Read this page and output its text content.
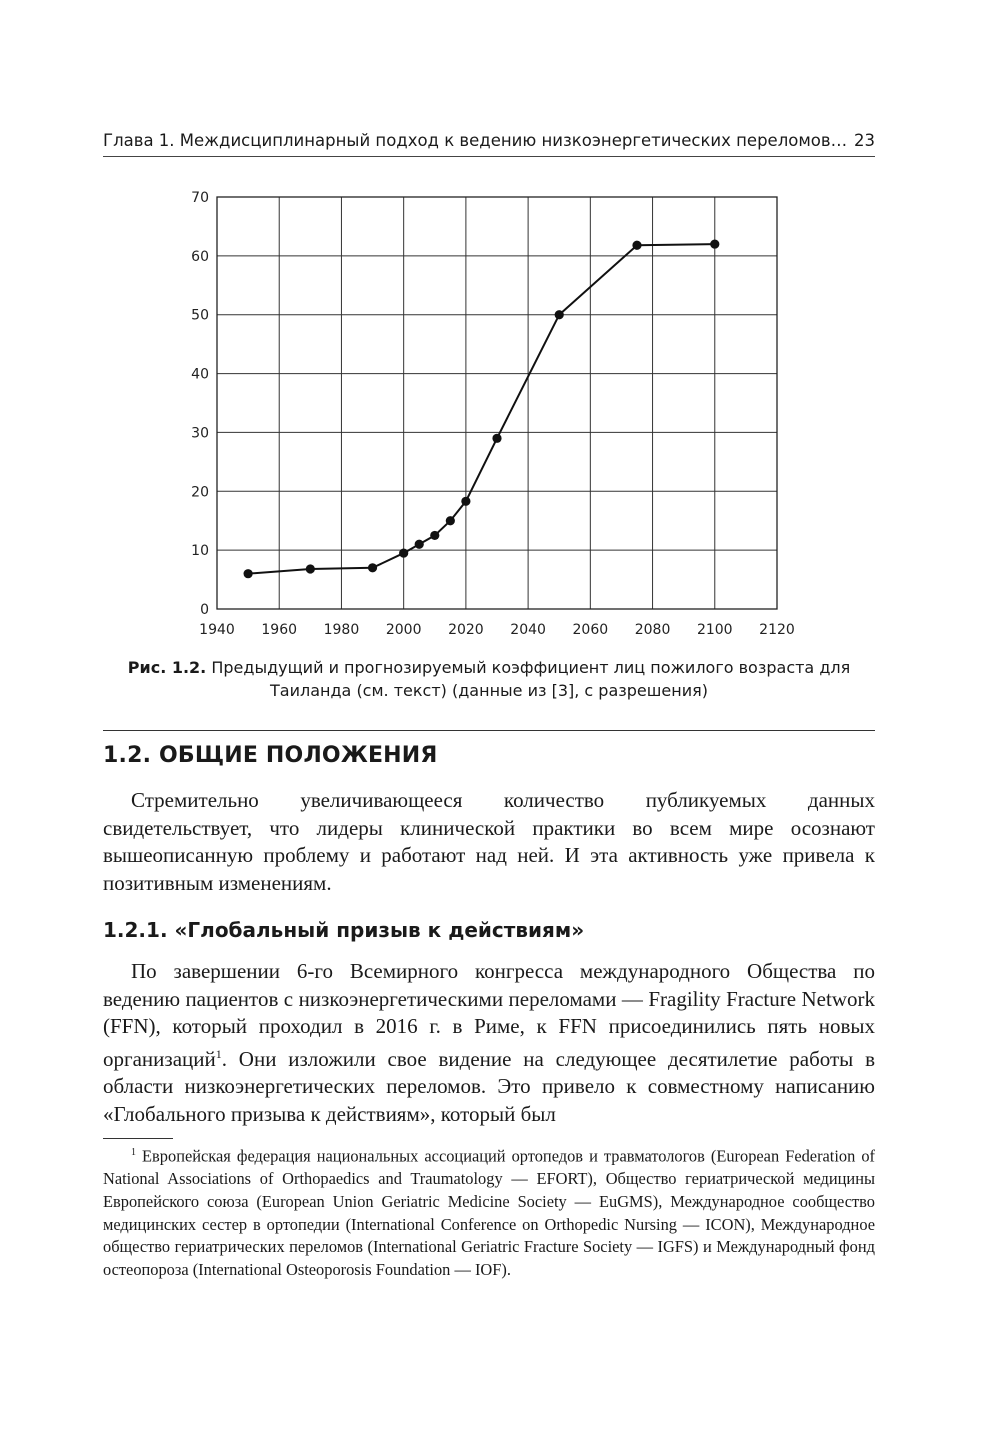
Глава 1. Междисциплинарный подход к ведению низкоэнергетических переломов… 23
1940 1960 1980 2000 2020 2040 2060 2080 2100 2120
0
10
20
30
40
50
60
70
Рис. 1.2. Предыдущий и прогнозируемый коэффициент лиц пожилого возраста для Таиланда (см. текст) (данные из [3], с разрешения)
1.2. ОБЩИЕ ПОЛОЖЕНИЯ

Стремительно увеличивающееся количество публикуемых данных свидетельствует, что лидеры клинической практики во всем мире осознают вышеописанную проблему и работают над ней. И эта активность уже привела к позитивным изменениям.

1.2.1. «Глобальный призыв к действиям»

По завершении 6-го Всемирного конгресса международного Общества по ведению пациентов с низкоэнергетическими переломами — Fragility Fracture Network (FFN), который проходил в 2016 г. в Риме, к FFN присоединились пять новых организаций$^1$. Они изложили свое видение на следующее десятилетие работы в области низкоэнергетических переломов. Это привело к совместному написанию «Глобального призыва к действиям», который был

$^1$ Европейская федерация национальных ассоциаций ортопедов и травматологов (European Federation of National Associations of Orthopaedics and Traumatology — EFORT), Общество гериатрической медицины Европейского союза (European Union Geriatric Medicine Society — EuGMS), Международное сообщество медицинских сестер в ортопедии (International Conference on Orthopedic Nursing — ICON), Международное общество гериатрических переломов (International Geriatric Fracture Society — IGFS) и Международный фонд остеопороза (International Osteoporosis Foundation — IOF).
